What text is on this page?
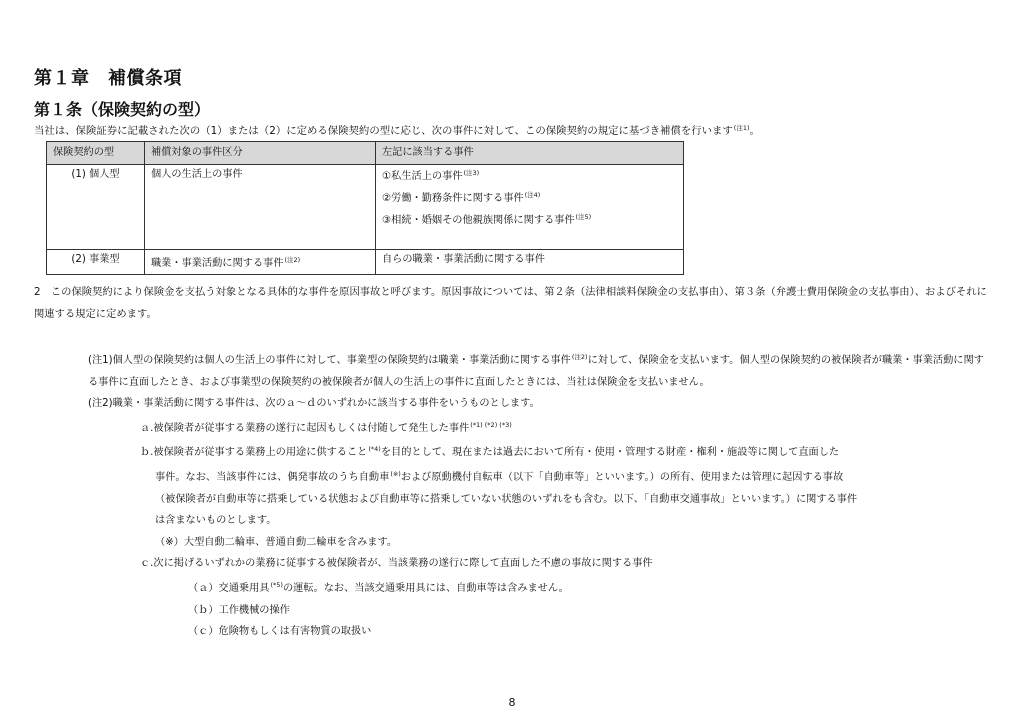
第１章　補償条項
第１条（保険契約の型）
当社は、保険証券に記載された次の（1）または（2）に定める保険契約の型に応じ、次の事件に対して、この保険契約の規定に基づき補償を行います$^{(注1)}$。
保険契約の型	補償対象の事件区分	左記に該当する事件
(1) 個人型	個人の生活上の事件	①私生活上の事件$^{(注3)}$
②労働・勤務条件に関する事件$^{(注4)}$
③相続・婚姻その他親族関係に関する事件$^{(注5)}$

(2) 事業型	職業・事業活動に関する事件$^{(注2)}$	自らの職業・事業活動に関する事件
2　この保険契約により保険金を支払う対象となる具体的な事件を原因事故と呼びます。原因事故については、第２条（法律相談料保険金の支払事由）、第３条（弁護士費用保険金の支払事由）、およびそれに関連する規定に定めます。

(注1)個人型の保険契約は個人の生活上の事件に対して、事業型の保険契約は職業・事業活動に関する事件$^{(注2)}$に対して、保険金を支払います。個人型の保険契約の被保険者が職業・事業活動に関する事件に直面したとき、および事業型の保険契約の被保険者が個人の生活上の事件に直面したときには、当社は保険金を支払いません。

(注2)職業・事業活動に関する事件は、次のａ～ｄのいずれかに該当する事件をいうものとします。

ａ.被保険者が従事する業務の遂行に起因もしくは付随して発生した事件$^{(*1) (*2) (*3)}$

ｂ.被保険者が従事する業務上の用途に供すること$^{(*4)}$を目的として、現在または過去において所有・使用・管理する財産・権利・施設等に関して直面した

事件。なお、当該事件には、偶発事故のうち自動車(※)および原動機付自転車（以下「自動車等」といいます。）の所有、使用または管理に起因する事故

（被保険者が自動車等に搭乗している状態および自動車等に搭乗していない状態のいずれをも含む。以下、「自動車交通事故」といいます。）に関する事件

は含まないものとします。

（※）大型自動二輪車、普通自動二輪車を含みます。

ｃ.次に掲げるいずれかの業務に従事する被保険者が、当該業務の遂行に際して直面した不慮の事故に関する事件

（ａ）交通乗用具$^{(*5)}$の運転。なお、当該交通乗用具には、自動車等は含みません。

（ｂ）工作機械の操作

（ｃ）危険物もしくは有害物質の取扱い

8
